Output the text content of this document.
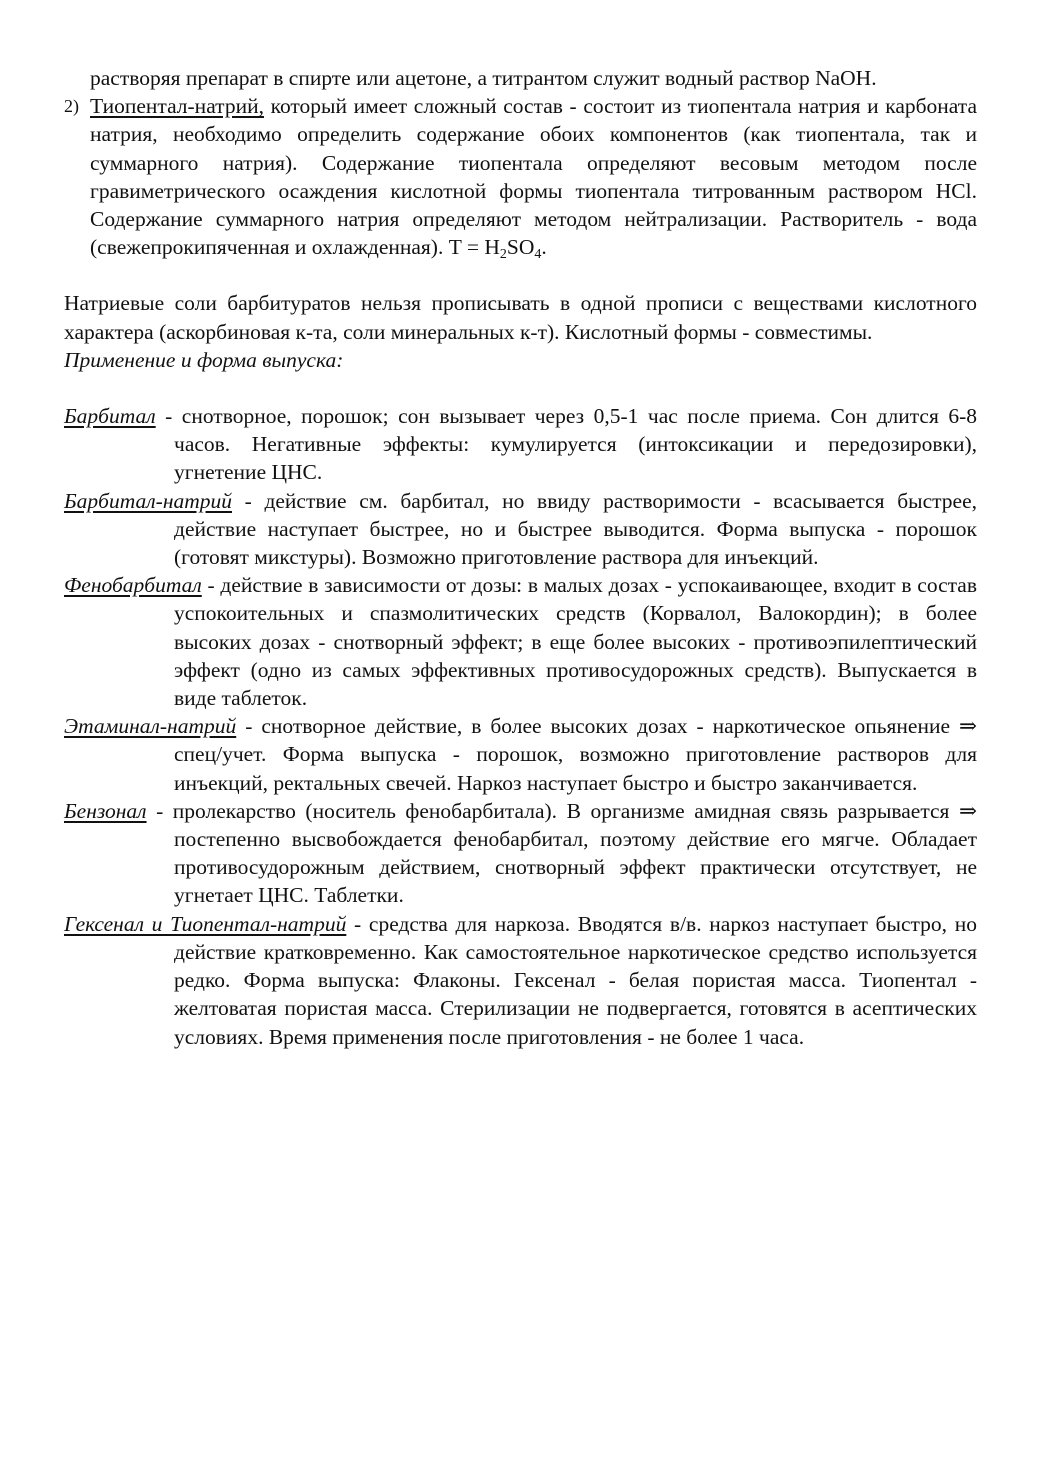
растворяя препарат в спирте или ацетоне, а титрантом служит водный раствор NaOH.

2) Тиопентал-натрий, который имеет сложный состав - состоит из тиопентала натрия и карбоната натрия, необходимо определить содержание обоих компонентов (как тиопентала, так и суммарного натрия). Содержание тиопентала определяют весовым методом после гравиметрического осаждения кислотной формы тиопентала титрованным раствором HCl. Содержание суммарного натрия определяют методом нейтрализации. Растворитель - вода (свежепрокипяченная и охлажденная). $T = H_2SO_4$.

Натриевые соли барбитуратов нельзя прописывать в одной прописи с веществами кислотного характера (аскорбиновая к-та, соли минеральных к-т). Кислотный формы - совместимы.

Применение и форма выпуска:

Барбитал - снотворное, порошок; сон вызывает через 0,5-1 час после приема. Сон длится 6-8 часов. Негативные эффекты: кумулируется (интоксикации и передозировки), угнетение ЦНС.

Барбитал-натрий - действие см. барбитал, но ввиду растворимости - всасывается быстрее, действие наступает быстрее, но и быстрее выводится. Форма выпуска - порошок (готовят микстуры). Возможно приготовление раствора для инъекций.

Фенобарбитал - действие в зависимости от дозы: в малых дозах - успокаивающее, входит в состав успокоительных и спазмолитических средств (Корвалол, Валокордин); в более высоких дозах - снотворный эффект; в еще более высоких - противоэпилептический эффект (одно из самых эффективных противосудорожных средств). Выпускается в виде таблеток.

Этаминал-натрий - снотворное действие, в более высоких дозах - наркотическое опьянение ⇒ спец/учет. Форма выпуска - порошок, возможно приготовление растворов для инъекций, ректальных свечей. Наркоз наступает быстро и быстро заканчивается.

Бензонал - пролекарство (носитель фенобарбитала). В организме амидная связь разрывается ⇒ постепенно высвобождается фенобарбитал, поэтому действие его мягче. Обладает противосудорожным действием, снотворный эффект практически отсутствует, не угнетает ЦНС. Таблетки.

Гексенал и Тиопентал-натрий - средства для наркоза. Вводятся в/в. наркоз наступает быстро, но действие кратковременно. Как самостоятельное наркотическое средство используется редко. Форма выпуска: Флаконы. Гексенал - белая пористая масса. Тиопентал - желтоватая пористая масса. Стерилизации не подвергается, готовятся в асептических условиях. Время применения после приготовления - не более 1 часа.
